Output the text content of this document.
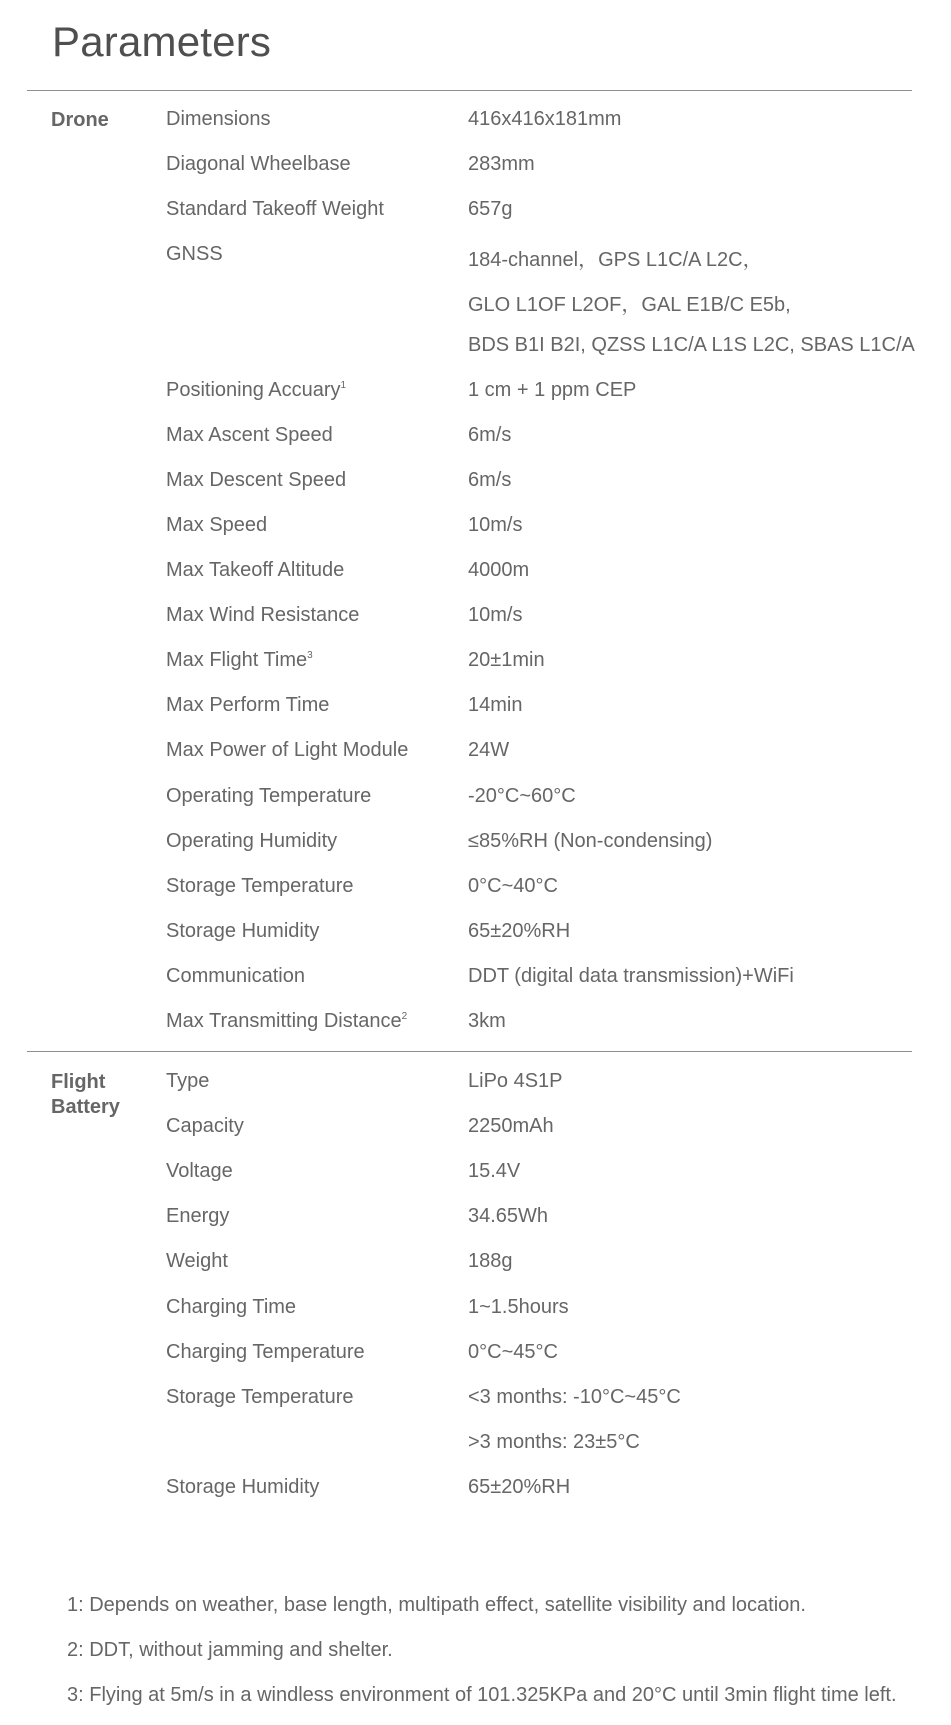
Parameters
Drone	Dimensions	416x416x181mm
Diagonal Wheelbase	283mm
Standard Takeoff Weight	657g
GNSS	184-channel，GPS L1C/A L2C，
GLO L1OF L2OF，GAL E1B/C E5b,
BDS B1I B2I, QZSS L1C/A L1S L2C, SBAS L1C/A
Positioning Accuary$^1$	1 cm + 1 ppm CEP
Max Ascent Speed	6m/s
Max Descent Speed	6m/s
Max Speed	10m/s
Max Takeoff Altitude	4000m
Max Wind Resistance	10m/s
Max Flight Time$^3$	20±1min
Max Perform Time	14min
Max Power of Light Module	24W
Operating Temperature	-20°C~60°C
Operating Humidity	≤85%RH (Non-condensing)
Storage Temperature	0°C~40°C
Storage Humidity	65±20%RH
Communication	DDT (digital data transmission)+WiFi
Max Transmitting Distance$^2$	3km
Flight
Battery
Type	LiPo 4S1P
Capacity	2250mAh
Voltage	15.4V
Energy	34.65Wh
Weight	188g
Charging Time	1~1.5hours
Charging Temperature	0°C~45°C
Storage Temperature	<3 months: -10°C~45°C
>3 months: 23±5°C
Storage Humidity	65±20%RH
1: Depends on weather, base length, multipath effect, satellite visibility and location.
2: DDT, without jamming and shelter.
3: Flying at 5m/s in a windless environment of 101.325KPa and 20°C until 3min flight time left.
